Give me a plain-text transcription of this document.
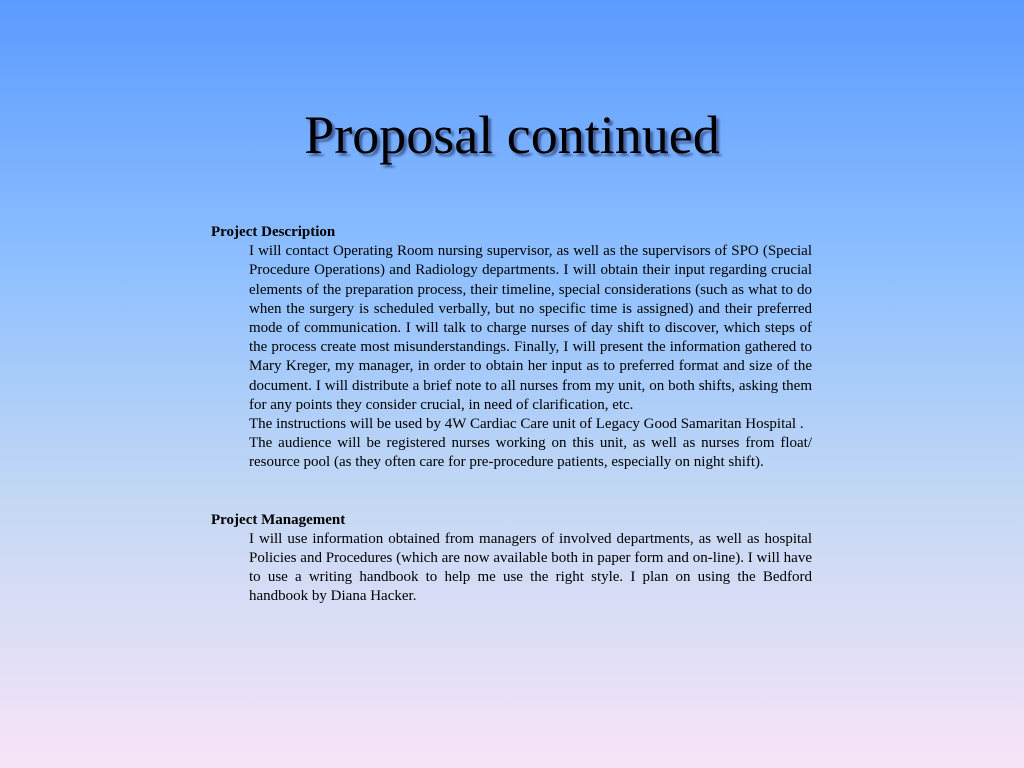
Proposal continued

Project Description

I will contact Operating Room nursing supervisor, as well as the supervisors of SPO (Special Procedure Operations) and Radiology departments. I will obtain their input regarding crucial elements of the preparation process, their timeline, special considerations (such as what to do when the surgery is scheduled verbally, but no specific time is assigned) and their preferred mode of communication. I will talk to charge nurses of day shift to discover, which steps of the process create most misunderstandings. Finally, I will present the information gathered to Mary Kreger, my manager, in order to obtain her input as to preferred format and size of the document. I will distribute a brief note to all nurses from my unit, on both shifts, asking them for any points they consider crucial, in need of clarification, etc.

The instructions will be used by 4W Cardiac Care unit of Legacy Good Samaritan Hospital .

The audience will be registered nurses working on this unit, as well as nurses from float/ resource pool (as they often care for pre-procedure patients, especially on night shift).

Project Management

I will use information obtained from managers of involved departments, as well as hospital Policies and Procedures (which are now available both in paper form and on-line). I will have to use a writing handbook to help me use the right style. I plan on using the Bedford handbook by Diana Hacker.
